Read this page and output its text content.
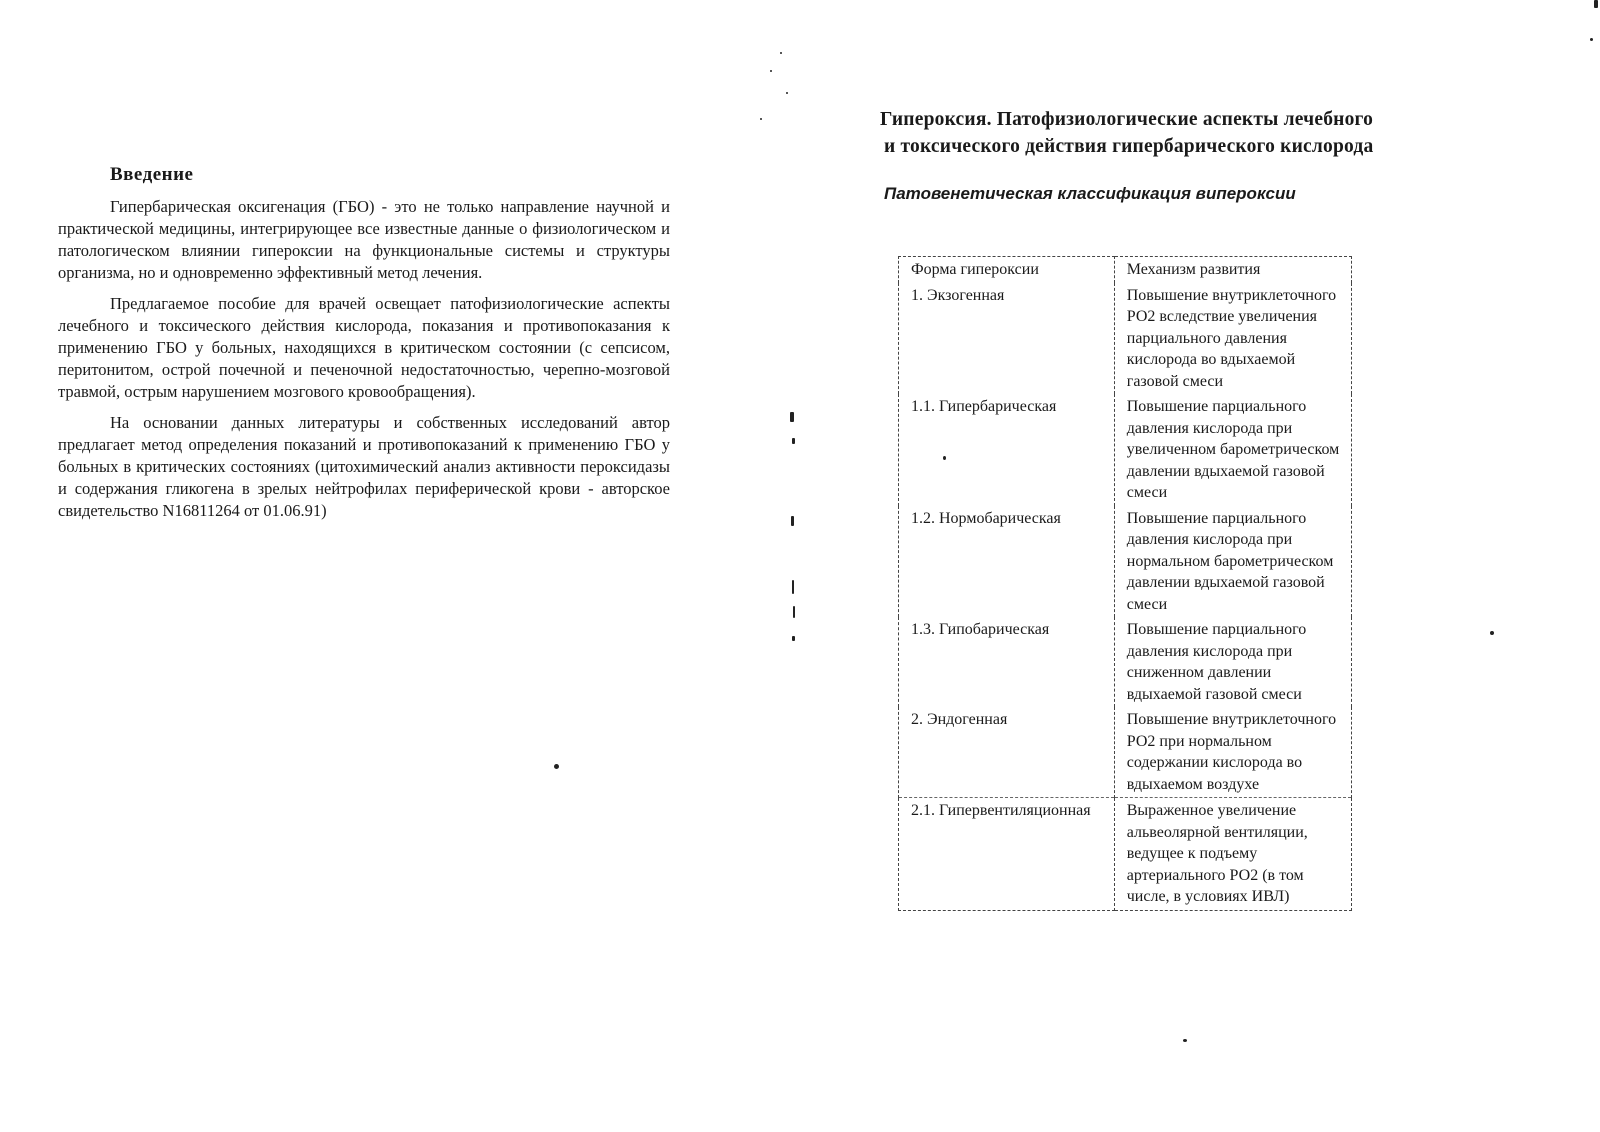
Введение

Гипербарическая оксигенация (ГБО) - это не только направление научной и практической медицины, интегрирующее все известные данные о физиологическом и патологическом влиянии гипероксии на функциональные системы и структуры организма, но и одновременно эффективный метод лечения.

Предлагаемое пособие для врачей освещает патофизиологические аспекты лечебного и токсического действия кислорода, показания и противопоказания к применению ГБО у больных, находящихся в критическом состоянии (с сепсисом, перитонитом, острой почечной и печеночной недостаточностью, черепно-мозговой травмой, острым нарушением мозгового кровообращения).

На основании данных литературы и собственных исследований автор предлагает метод определения показаний и противопоказаний к применению ГБО у больных в критических состояниях (цитохимический анализ активности пероксидазы и содержания гликогена в зрелых нейтрофилах периферической крови - авторское свидетельство N16811264 от 01.06.91)

Гипероксия. Патофизиологические аспекты лечебного
и токсического действия гипербарического кислорода
Патовенетическая классификация випероксии
Форма гипероксии	Механизм развития
1. Экзогенная	Повышение внутриклеточного РО2 вследствие увеличения парциального давления кислорода во вдыхаемой газовой смеси
1.1. Гипербарическая	Повышение парциального давления кислорода при увеличенном барометрическом давлении вдыхаемой газовой смеси
1.2. Нормобарическая	Повышение парциального давления кислорода при нормальном барометрическом давлении вдыхаемой газовой смеси
1.3. Гипобарическая	Повышение парциального давления кислорода при сниженном давлении вдыхаемой газовой смеси
2. Эндогенная	Повышение внутриклеточного РО2 при нормальном содержании кислорода во вдыхаемом воздухе
2.1. Гипервентиляционная	Выраженное увеличение альвеолярной вентиляции, ведущее к подъему артериального РО2 (в том числе, в условиях ИВЛ)
